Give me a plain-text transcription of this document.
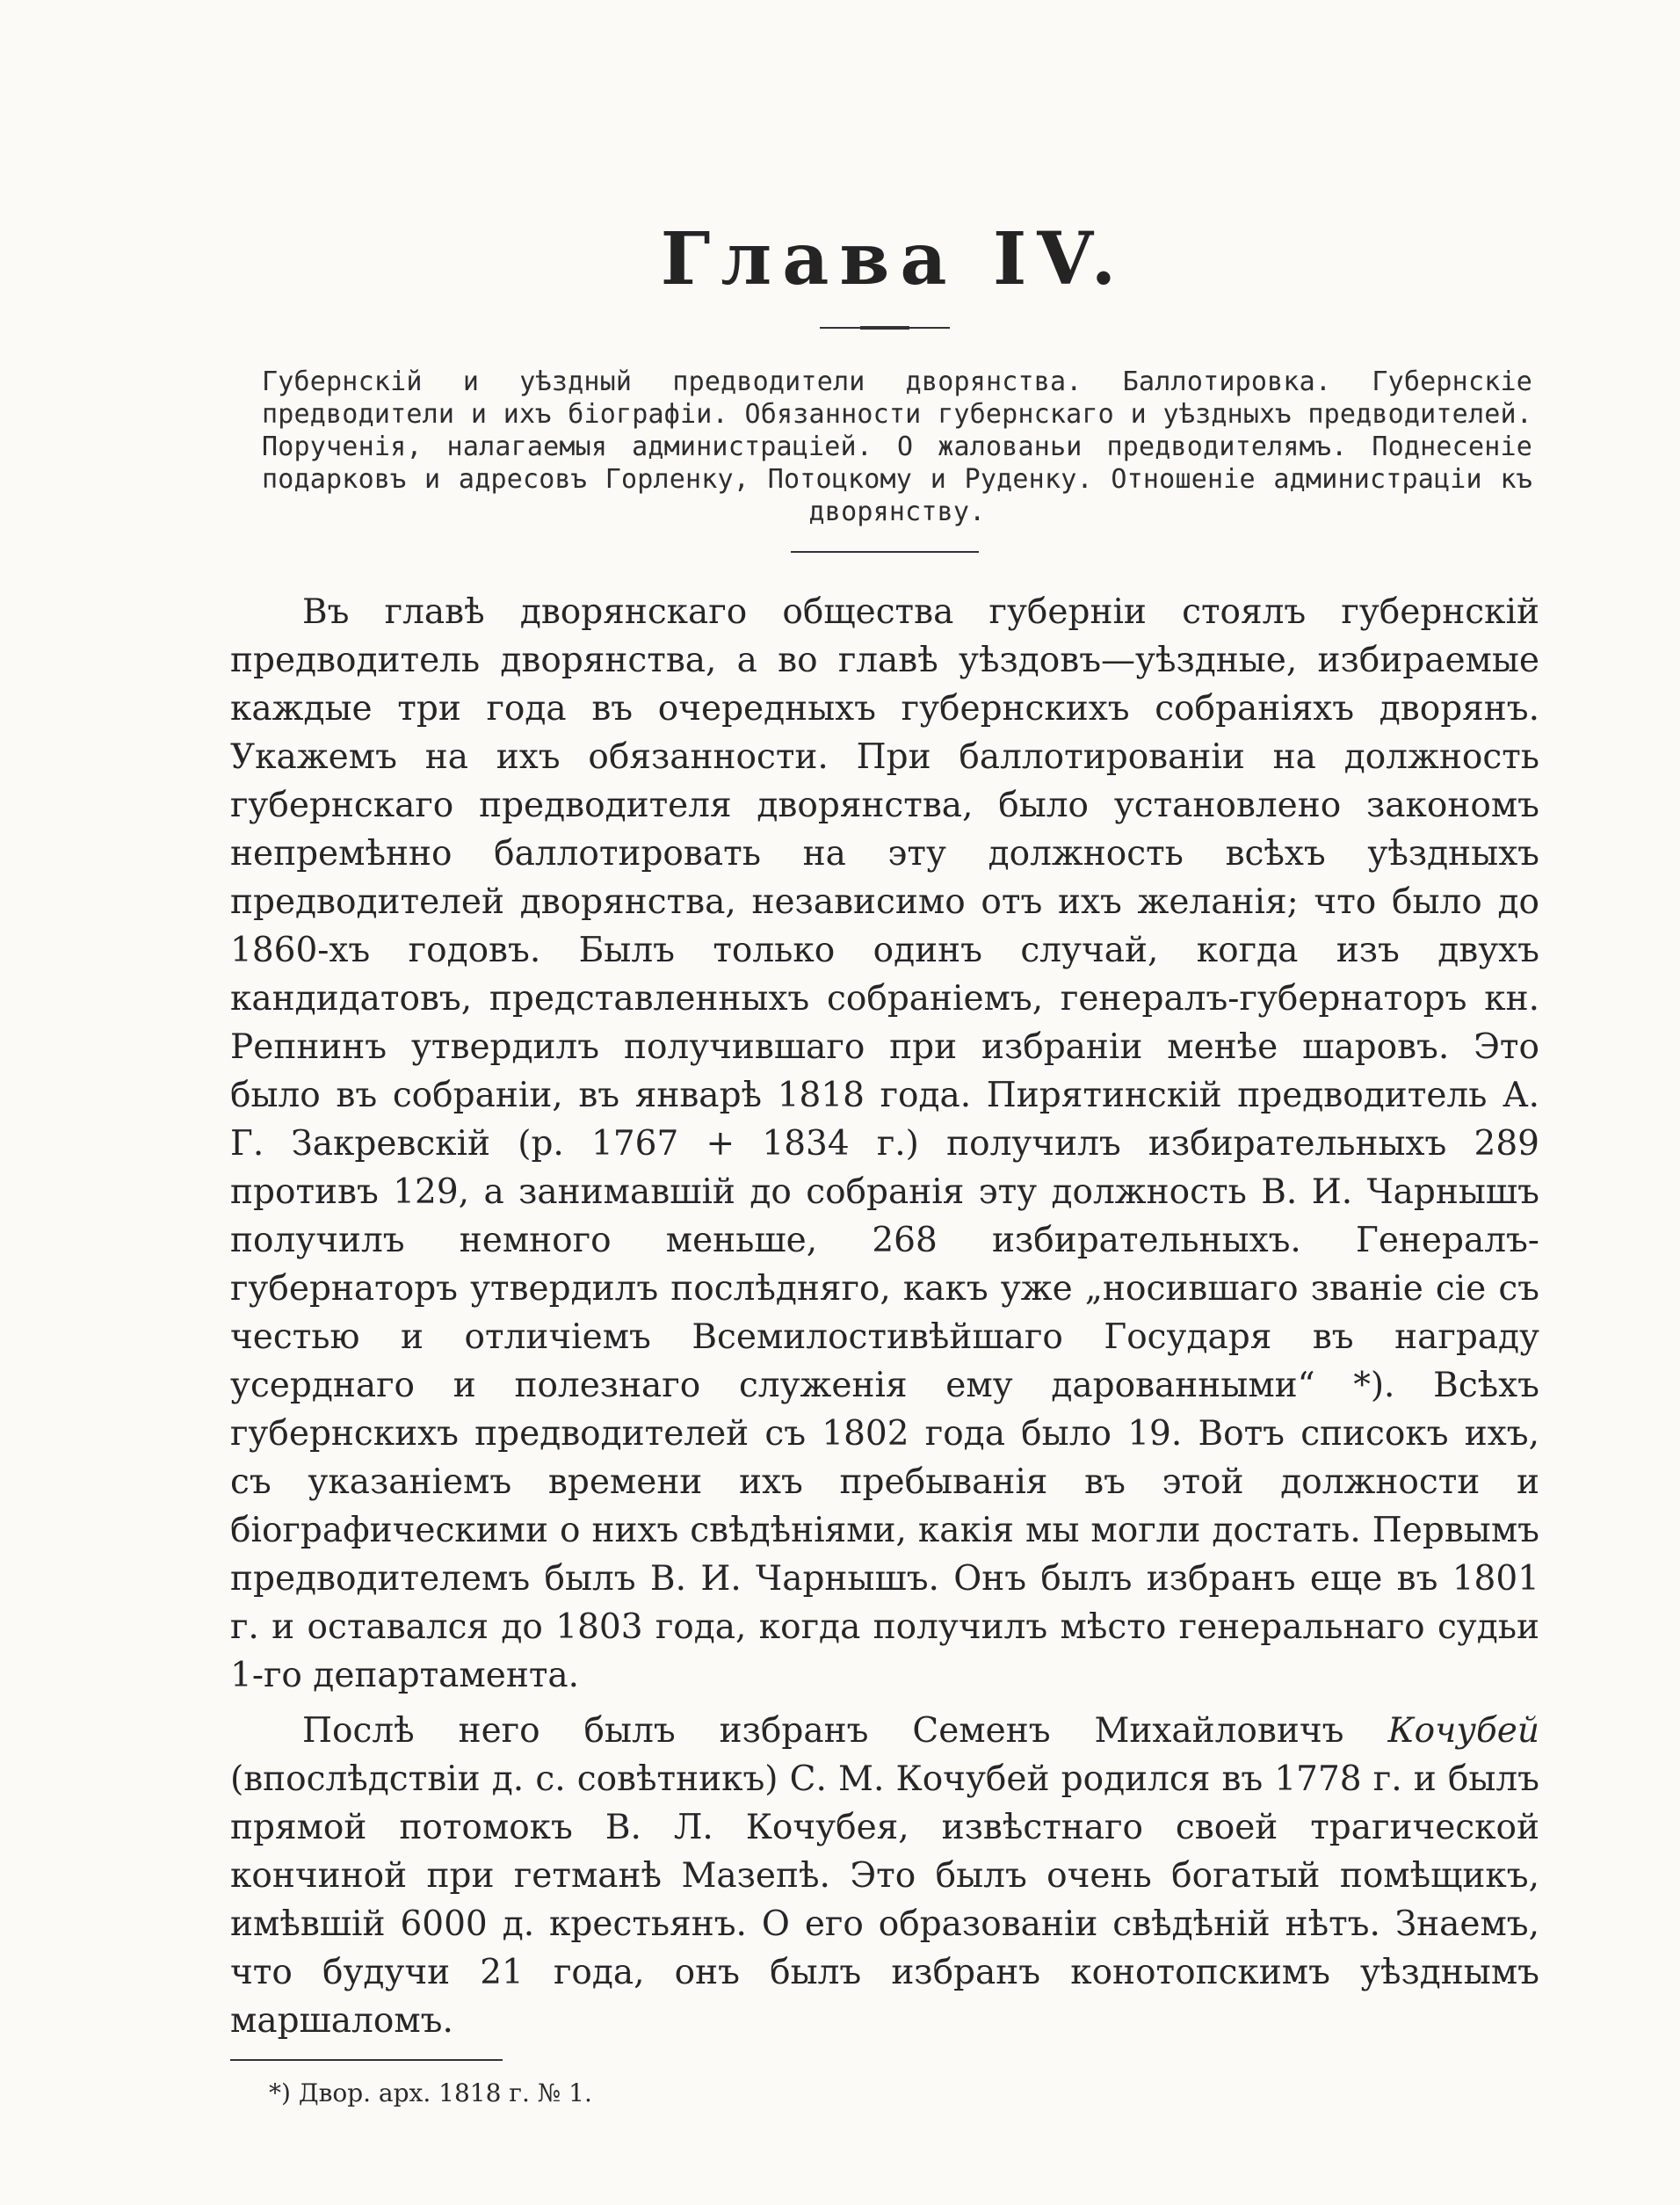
Глава IV.
Губернскій и уѣздный предводители дворянства. Баллотировка. Губернскіе предводители и ихъ біографіи. Обязанности губернскаго и уѣздныхъ предводителей. Порученія, налагаемыя администраціей. О жалованьи предводителямъ. Поднесеніе подарковъ и адресовъ Горленку, Потоцкому и Руденку. Отношеніе администраціи къ дворянству.

Въ главѣ дворянскаго общества губерніи стоялъ губернскій предводитель дворянства, а во главѣ уѣздовъ—уѣздные, избираемые каждые три года въ очередныхъ губернскихъ собраніяхъ дворянъ. Укажемъ на ихъ обязанности. При баллотированіи на должность губернскаго предводителя дворянства, было установлено закономъ непремѣнно баллотировать на эту должность всѣхъ уѣздныхъ предводителей дворянства, независимо отъ ихъ желанія; что было до 1860-хъ годовъ. Былъ только одинъ случай, когда изъ двухъ кандидатовъ, представленныхъ собраніемъ, генералъ-губернаторъ кн. Репнинъ утвердилъ получившаго при избраніи менѣе шаровъ. Это было въ собраніи, въ январѣ 1818 года. Пирятинскій предводитель А. Г. Закревскій (р. 1767 + 1834 г.) получилъ избирательныхъ 289 противъ 129, а занимавшій до собранія эту должность В. И. Чарнышъ получилъ немного меньше, 268 избирательныхъ. Генералъ-губернаторъ утвердилъ послѣдняго, какъ уже „носившаго званіе сіе съ честью и отличіемъ Всемилостивѣйшаго Государя въ награду усерднаго и полезнаго служенія ему дарованными“ *). Всѣхъ губернскихъ предводителей съ 1802 года было 19. Вотъ списокъ ихъ, съ указаніемъ времени ихъ пребыванія въ этой должности и біографическими о нихъ свѣдѣніями, какія мы могли достать. Первымъ предводителемъ былъ В. И. Чарнышъ. Онъ былъ избранъ еще въ 1801 г. и оставался до 1803 года, когда получилъ мѣсто генеральнаго судьи 1-го департамента.

Послѣ него былъ избранъ Семенъ Михайловичъ Кочубей (впослѣдствіи д. с. совѣтникъ) С. М. Кочубей родился въ 1778 г. и былъ прямой потомокъ В. Л. Кочубея, извѣстнаго своей трагической кончиной при гетманѣ Мазепѣ. Это былъ очень богатый помѣщикъ, имѣвшій 6000 д. крестьянъ. О его образованіи свѣдѣній нѣтъ. Знаемъ, что будучи 21 года, онъ былъ избранъ конотопскимъ уѣзднымъ маршаломъ.

*) Двор. арх. 1818 г. № 1.
